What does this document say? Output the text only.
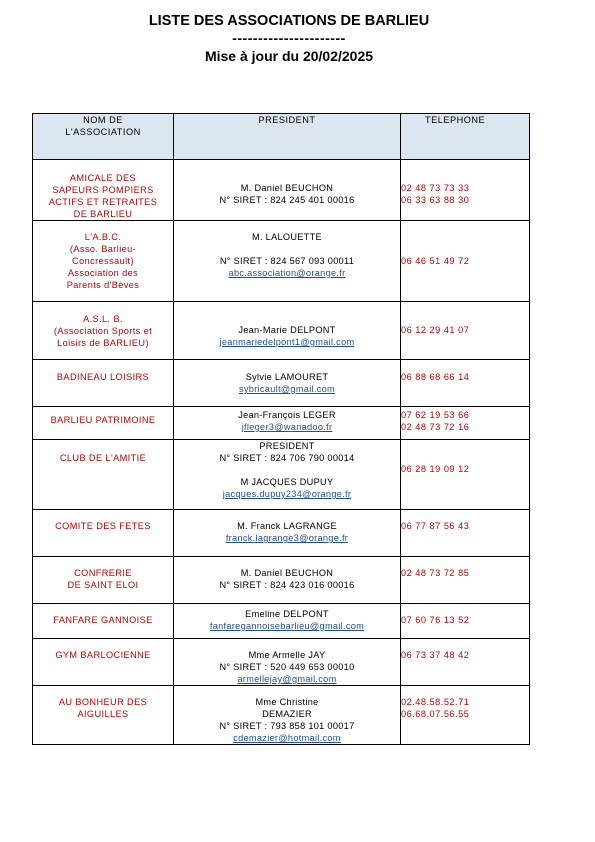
LISTE DES ASSOCIATIONS DE BARLIEU
----------------------
Mise à jour du 20/02/2025
NOM DE
L'ASSOCIATION	PRESIDENT	TELEPHONE

AMICALE DES
SAPEURS POMPIERS
ACTIFS ET RETRAITES
DE BARLIEU	M. Daniel BEUCHON
N° SIRET : 824 245 401 00016	02 48 73 73 33
06 33 63 88 30

L'A.B.C.
(Asso. Barlieu-
Concressault)
Association des
Parents d'Bèves	M. LALOUETTE
N° SIRET : 824 567 093 00011
abc.association@orange.fr	06 46 51 49 72

A.S.L. B.
(Association Sports et
Loisirs de BARLIEU)	Jean-Marie DELPONT
jeanmariedelpont1@gmail.com	06 12 29 41 07

BADINEAU LOISIRS	Sylvie LAMOURET
sybricault@gmail.com	06 88 68 66 14

BARLIEU PATRIMOINE	Jean-François LEGER
jfleger3@wanadoo.fr	07 62 19 53 66
02 48 73 72 16

CLUB DE L'AMITIE	PRESIDENT
N° SIRET : 824 706 790 00014
M JACQUES DUPUY
jacques.dupuy234@orange.fr	06 28 19 09 12

COMITE DES FETES	M. Franck LAGRANGE
franck.lagrange3@orange.fr	06 77 87 56 43

CONFRERIE
DE SAINT ELOI	M. Daniel BEUCHON
N° SIRET : 824 423 016 00016	02 48 73 72 85

FANFARE GANNOISE	Emeline DELPONT
fanfaregannoisebarlieu@gmail.com	07 60 76 13 52

GYM BARLOCIENNE	Mme Armelle JAY
N° SIRET : 520 449 653 00010
armellejay@gmail.com	06 73 37 48 42

AU BONHEUR DES
AIGUILLES	Mme Christine
DEMAZIER
N° SIRET : 793 858 101 00017
cdemazier@hotmail.com	02.48.58.52.71
06.68.07.56.55
